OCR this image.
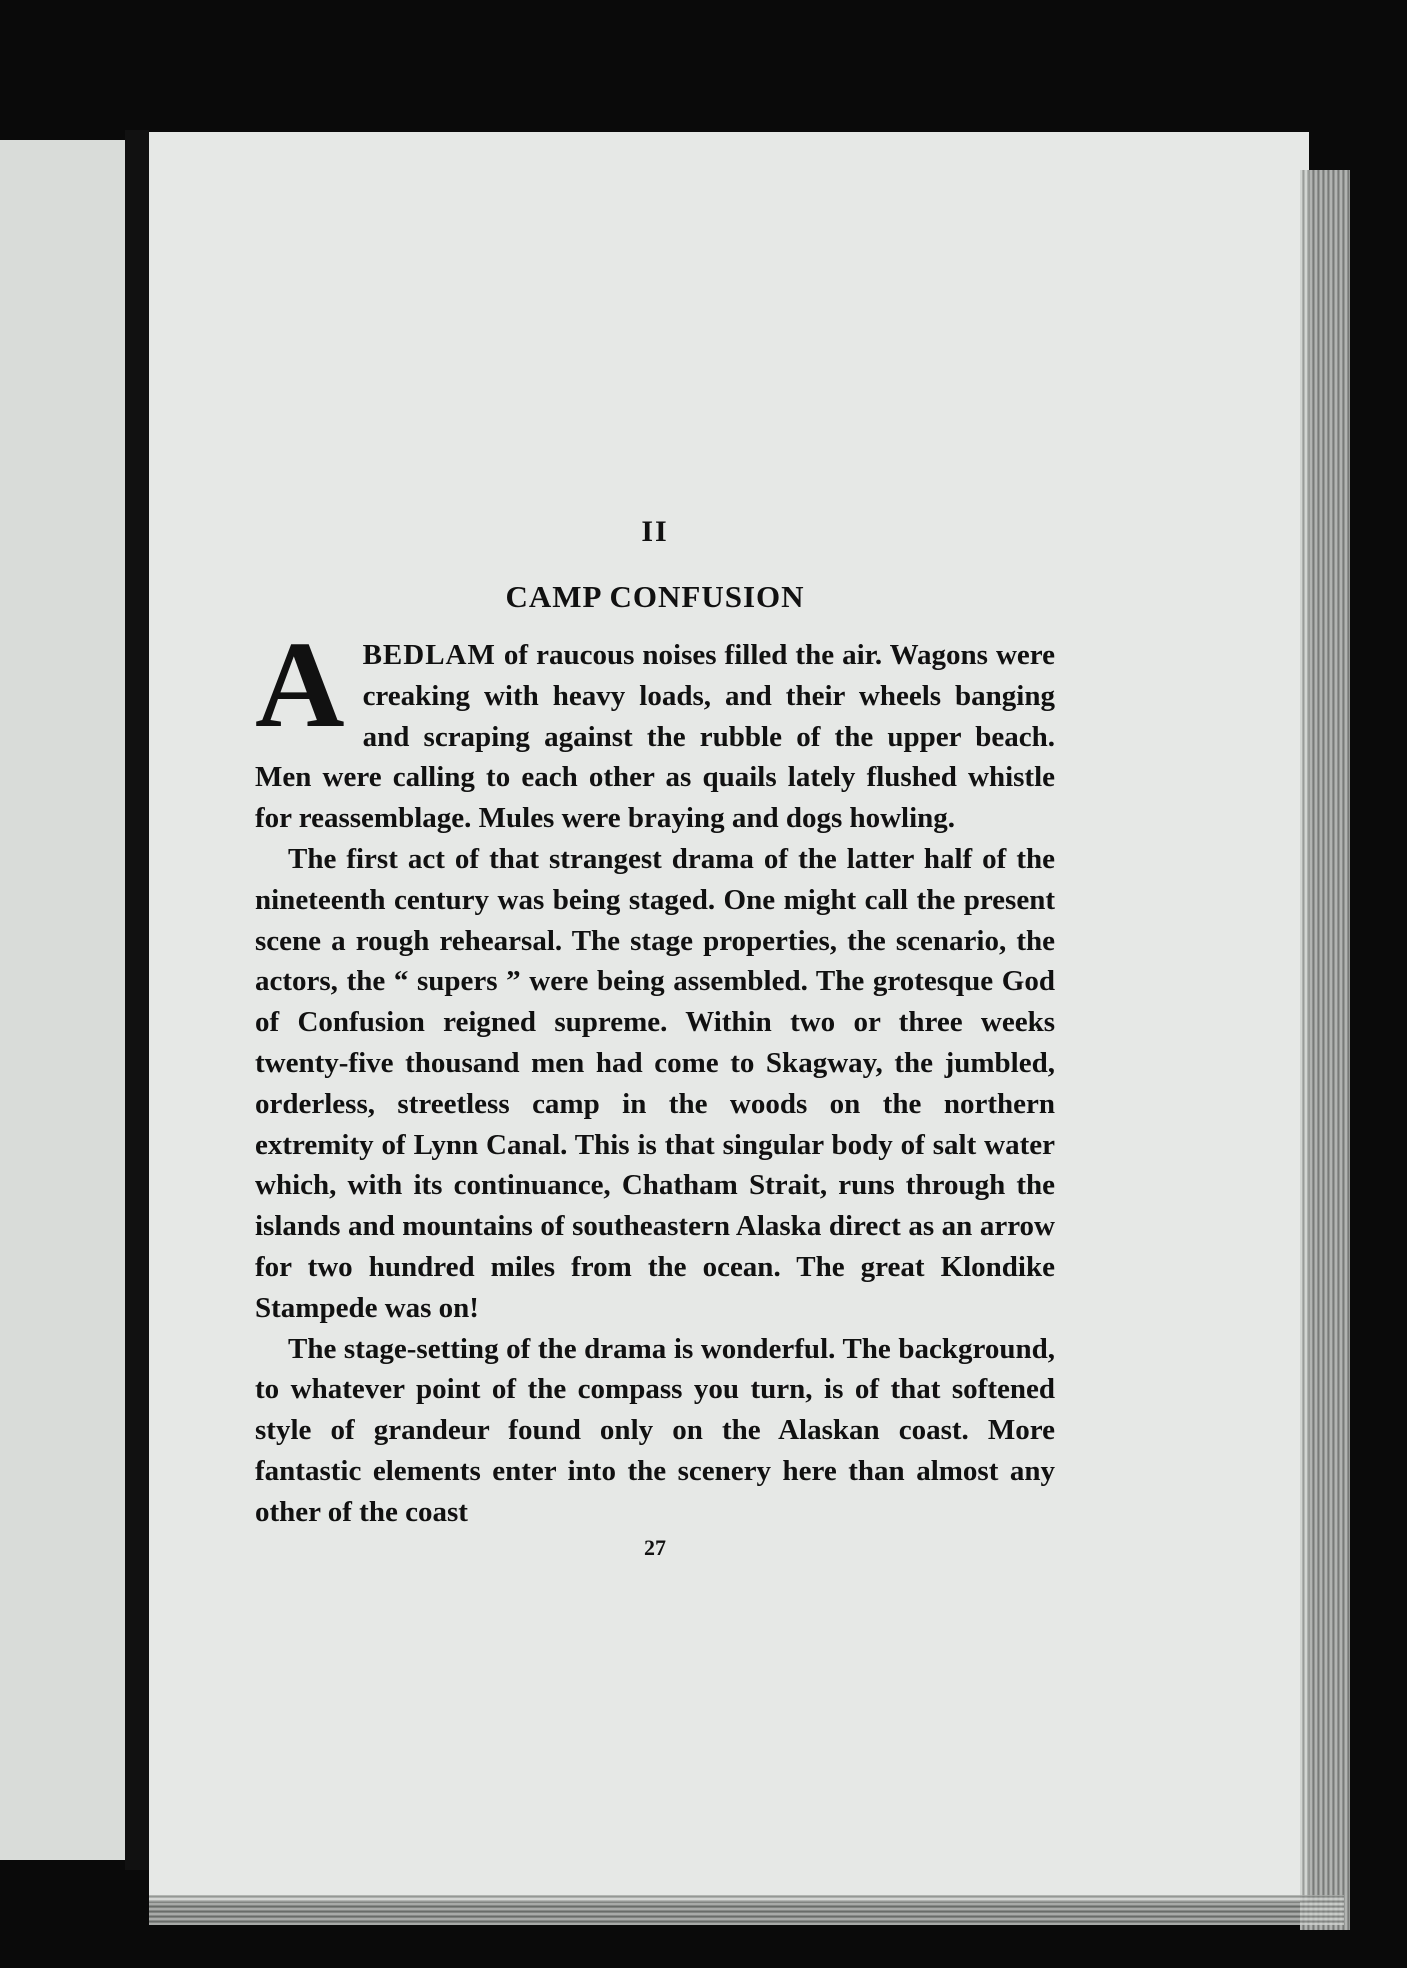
II
CAMP CONFUSION

ABEDLAM of raucous noises filled the air. Wagons were creaking with heavy loads, and their wheels banging and scraping against the rubble of the upper beach. Men were calling to each other as quails lately flushed whistle for reassemblage. Mules were braying and dogs howling.

The first act of that strangest drama of the latter half of the nineteenth century was being staged. One might call the present scene a rough rehearsal. The stage properties, the scenario, the actors, the “ supers ” were being assembled. The grotesque God of Confusion reigned supreme. Within two or three weeks twenty-five thousand men had come to Skagway, the jumbled, orderless, streetless camp in the woods on the northern extremity of Lynn Canal. This is that singular body of salt water which, with its continuance, Chatham Strait, runs through the islands and mountains of southeastern Alaska direct as an arrow for two hundred miles from the ocean. The great Klondike Stampede was on!

The stage-setting of the drama is wonderful. The background, to whatever point of the compass you turn, is of that softened style of grandeur found only on the Alaskan coast. More fantastic elements enter into the scenery here than almost any other of the coast

27
